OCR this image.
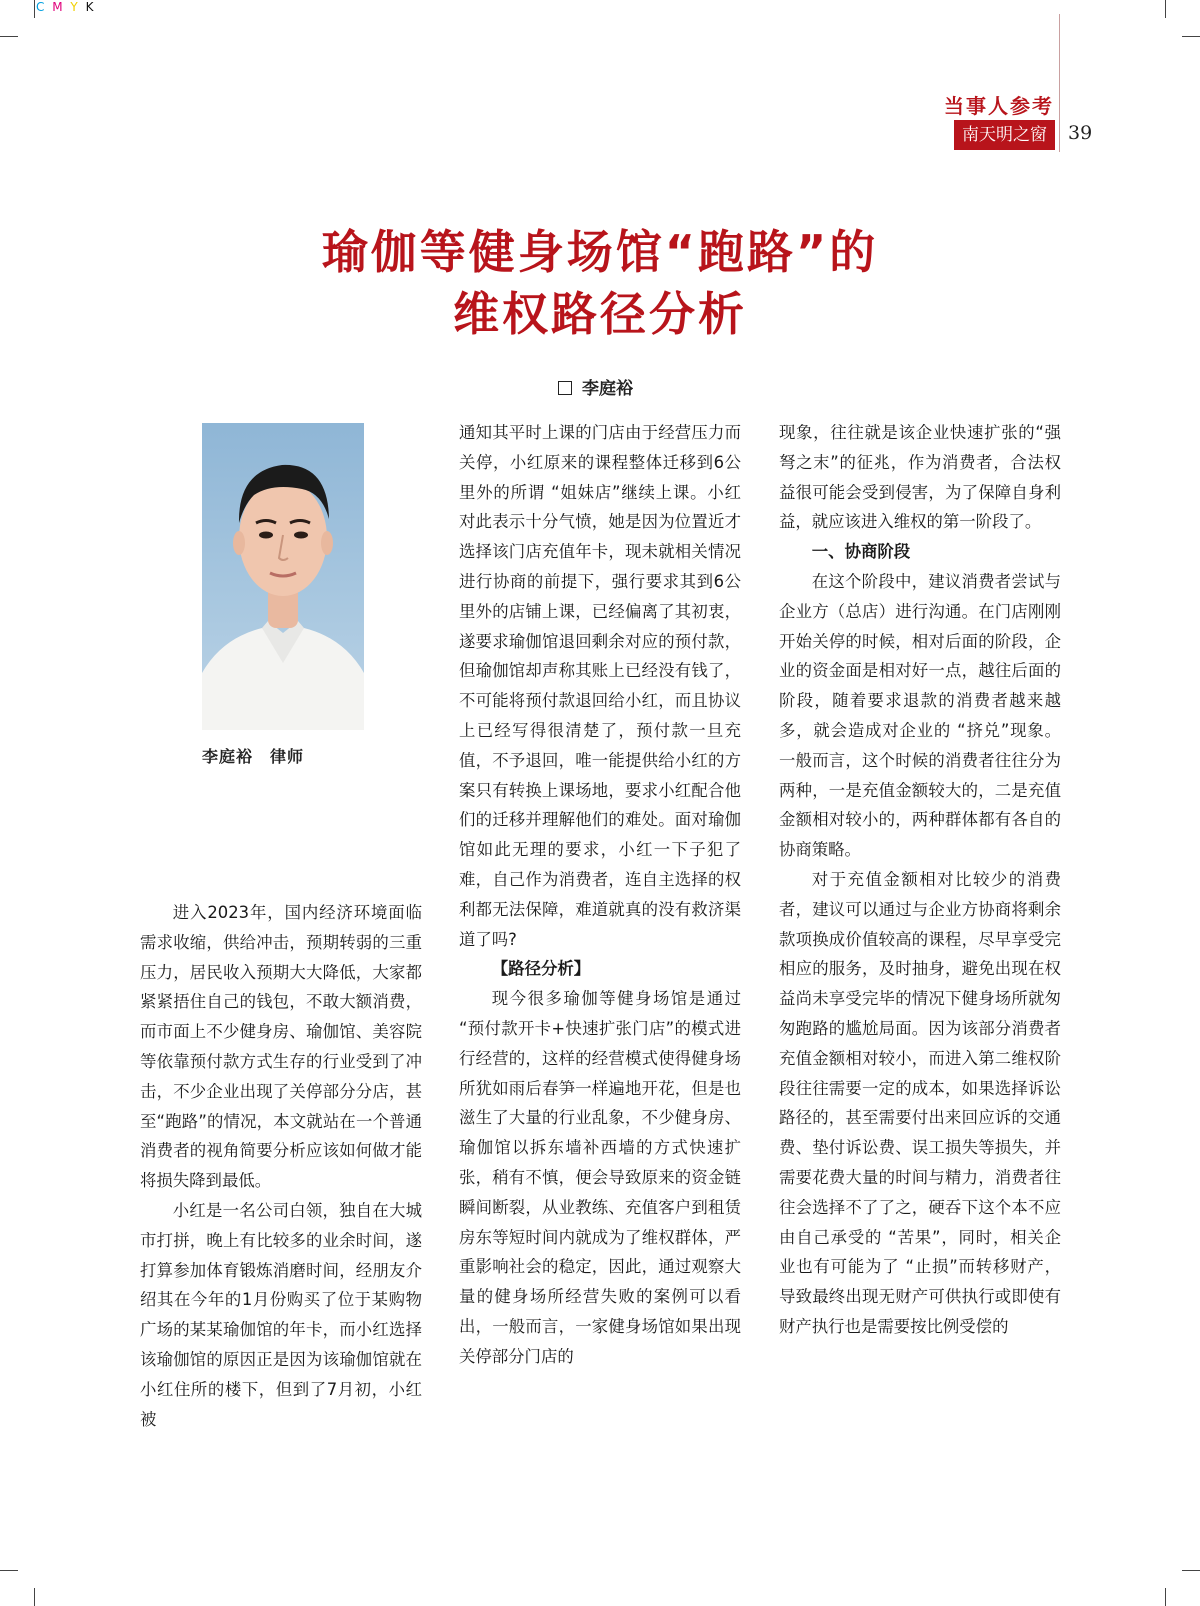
C M Y K
当事人参考
南天明之窗	39
瑜伽等健身场馆“跑路”的
维权路径分析
李庭裕
李庭裕　律师

进入2023年，国内经济环境面临需求收缩，供给冲击，预期转弱的三重压力，居民收入预期大大降低，大家都紧紧捂住自己的钱包，不敢大额消费，而市面上不少健身房、瑜伽馆、美容院等依靠预付款方式生存的行业受到了冲击，不少企业出现了关停部分分店，甚至“跑路”的情况，本文就站在一个普通消费者的视角简要分析应该如何做才能将损失降到最低。

小红是一名公司白领，独自在大城市打拼，晚上有比较多的业余时间，遂打算参加体育锻炼消磨时间，经朋友介绍其在今年的1月份购买了位于某购物广场的某某瑜伽馆的年卡，而小红选择该瑜伽馆的原因正是因为该瑜伽馆就在小红住所的楼下，但到了7月初，小红被

通知其平时上课的门店由于经营压力而关停，小红原来的课程整体迁移到6公里外的所谓 “姐妹店”继续上课。小红对此表示十分气愤，她是因为位置近才选择该门店充值年卡，现未就相关情况进行协商的前提下，强行要求其到6公里外的店铺上课，已经偏离了其初衷，遂要求瑜伽馆退回剩余对应的预付款，但瑜伽馆却声称其账上已经没有钱了，不可能将预付款退回给小红，而且协议上已经写得很清楚了，预付款一旦充值，不予退回，唯一能提供给小红的方案只有转换上课场地，要求小红配合他们的迁移并理解他们的难处。面对瑜伽馆如此无理的要求，小红一下子犯了难，自己作为消费者，连自主选择的权利都无法保障，难道就真的没有救济渠道了吗?

【路径分析】

现今很多瑜伽等健身场馆是通过 “预付款开卡+快速扩张门店”的模式进行经营的，这样的经营模式使得健身场所犹如雨后春笋一样遍地开花，但是也滋生了大量的行业乱象，不少健身房、瑜伽馆以拆东墙补西墙的方式快速扩张，稍有不慎，便会导致原来的资金链瞬间断裂，从业教练、充值客户到租赁房东等短时间内就成为了维权群体，严重影响社会的稳定，因此，通过观察大量的健身场所经营失败的案例可以看出，一般而言，一家健身场馆如果出现关停部分门店的

现象，往往就是该企业快速扩张的“强弩之末”的征兆，作为消费者，合法权益很可能会受到侵害，为了保障自身利益，就应该进入维权的第一阶段了。

一、协商阶段

在这个阶段中，建议消费者尝试与企业方（总店）进行沟通。在门店刚刚开始关停的时候，相对后面的阶段，企业的资金面是相对好一点，越往后面的阶段，随着要求退款的消费者越来越多，就会造成对企业的 “挤兑”现象。一般而言，这个时候的消费者往往分为两种，一是充值金额较大的，二是充值金额相对较小的，两种群体都有各自的协商策略。

对于充值金额相对比较少的消费者，建议可以通过与企业方协商将剩余款项换成价值较高的课程，尽早享受完相应的服务，及时抽身，避免出现在权益尚未享受完毕的情况下健身场所就匆匆跑路的尴尬局面。因为该部分消费者充值金额相对较小，而进入第二维权阶段往往需要一定的成本，如果选择诉讼路径的，甚至需要付出来回应诉的交通费、垫付诉讼费、误工损失等损失，并需要花费大量的时间与精力，消费者往往会选择不了了之，硬吞下这个本不应由自己承受的 “苦果”，同时，相关企业也有可能为了 “止损”而转移财产，导致最终出现无财产可供执行或即使有财产执行也是需要按比例受偿的
